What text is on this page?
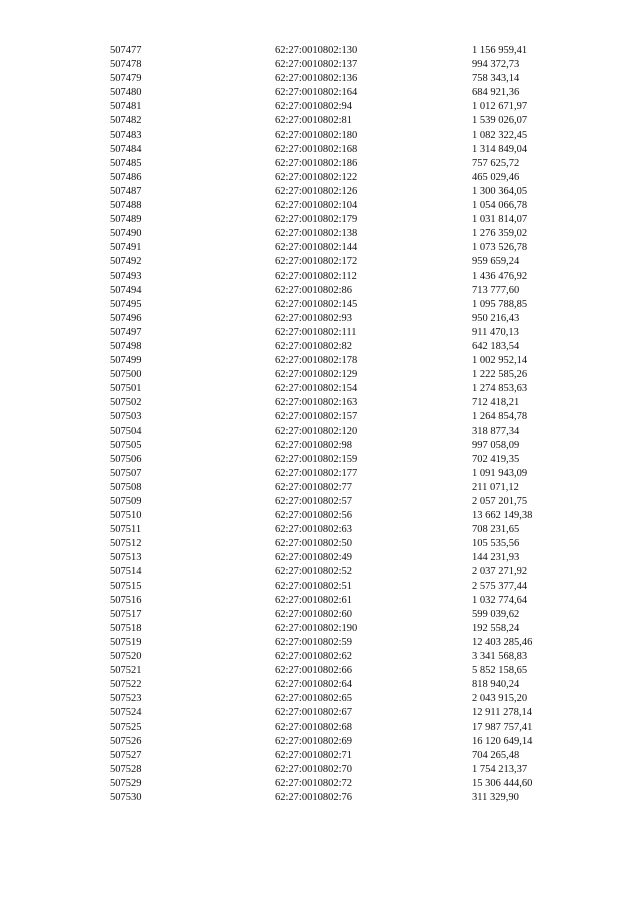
507477	62:27:0010802:130	1 156 959,41
507478	62:27:0010802:137	994 372,73
507479	62:27:0010802:136	758 343,14
507480	62:27:0010802:164	684 921,36
507481	62:27:0010802:94	1 012 671,97
507482	62:27:0010802:81	1 539 026,07
507483	62:27:0010802:180	1 082 322,45
507484	62:27:0010802:168	1 314 849,04
507485	62:27:0010802:186	757 625,72
507486	62:27:0010802:122	465 029,46
507487	62:27:0010802:126	1 300 364,05
507488	62:27:0010802:104	1 054 066,78
507489	62:27:0010802:179	1 031 814,07
507490	62:27:0010802:138	1 276 359,02
507491	62:27:0010802:144	1 073 526,78
507492	62:27:0010802:172	959 659,24
507493	62:27:0010802:112	1 436 476,92
507494	62:27:0010802:86	713 777,60
507495	62:27:0010802:145	1 095 788,85
507496	62:27:0010802:93	950 216,43
507497	62:27:0010802:111	911 470,13
507498	62:27:0010802:82	642 183,54
507499	62:27:0010802:178	1 002 952,14
507500	62:27:0010802:129	1 222 585,26
507501	62:27:0010802:154	1 274 853,63
507502	62:27:0010802:163	712 418,21
507503	62:27:0010802:157	1 264 854,78
507504	62:27:0010802:120	318 877,34
507505	62:27:0010802:98	997 058,09
507506	62:27:0010802:159	702 419,35
507507	62:27:0010802:177	1 091 943,09
507508	62:27:0010802:77	211 071,12
507509	62:27:0010802:57	2 057 201,75
507510	62:27:0010802:56	13 662 149,38
507511	62:27:0010802:63	708 231,65
507512	62:27:0010802:50	105 535,56
507513	62:27:0010802:49	144 231,93
507514	62:27:0010802:52	2 037 271,92
507515	62:27:0010802:51	2 575 377,44
507516	62:27:0010802:61	1 032 774,64
507517	62:27:0010802:60	599 039,62
507518	62:27:0010802:190	192 558,24
507519	62:27:0010802:59	12 403 285,46
507520	62:27:0010802:62	3 341 568,83
507521	62:27:0010802:66	5 852 158,65
507522	62:27:0010802:64	818 940,24
507523	62:27:0010802:65	2 043 915,20
507524	62:27:0010802:67	12 911 278,14
507525	62:27:0010802:68	17 987 757,41
507526	62:27:0010802:69	16 120 649,14
507527	62:27:0010802:71	704 265,48
507528	62:27:0010802:70	1 754 213,37
507529	62:27:0010802:72	15 306 444,60
507530	62:27:0010802:76	311 329,90
